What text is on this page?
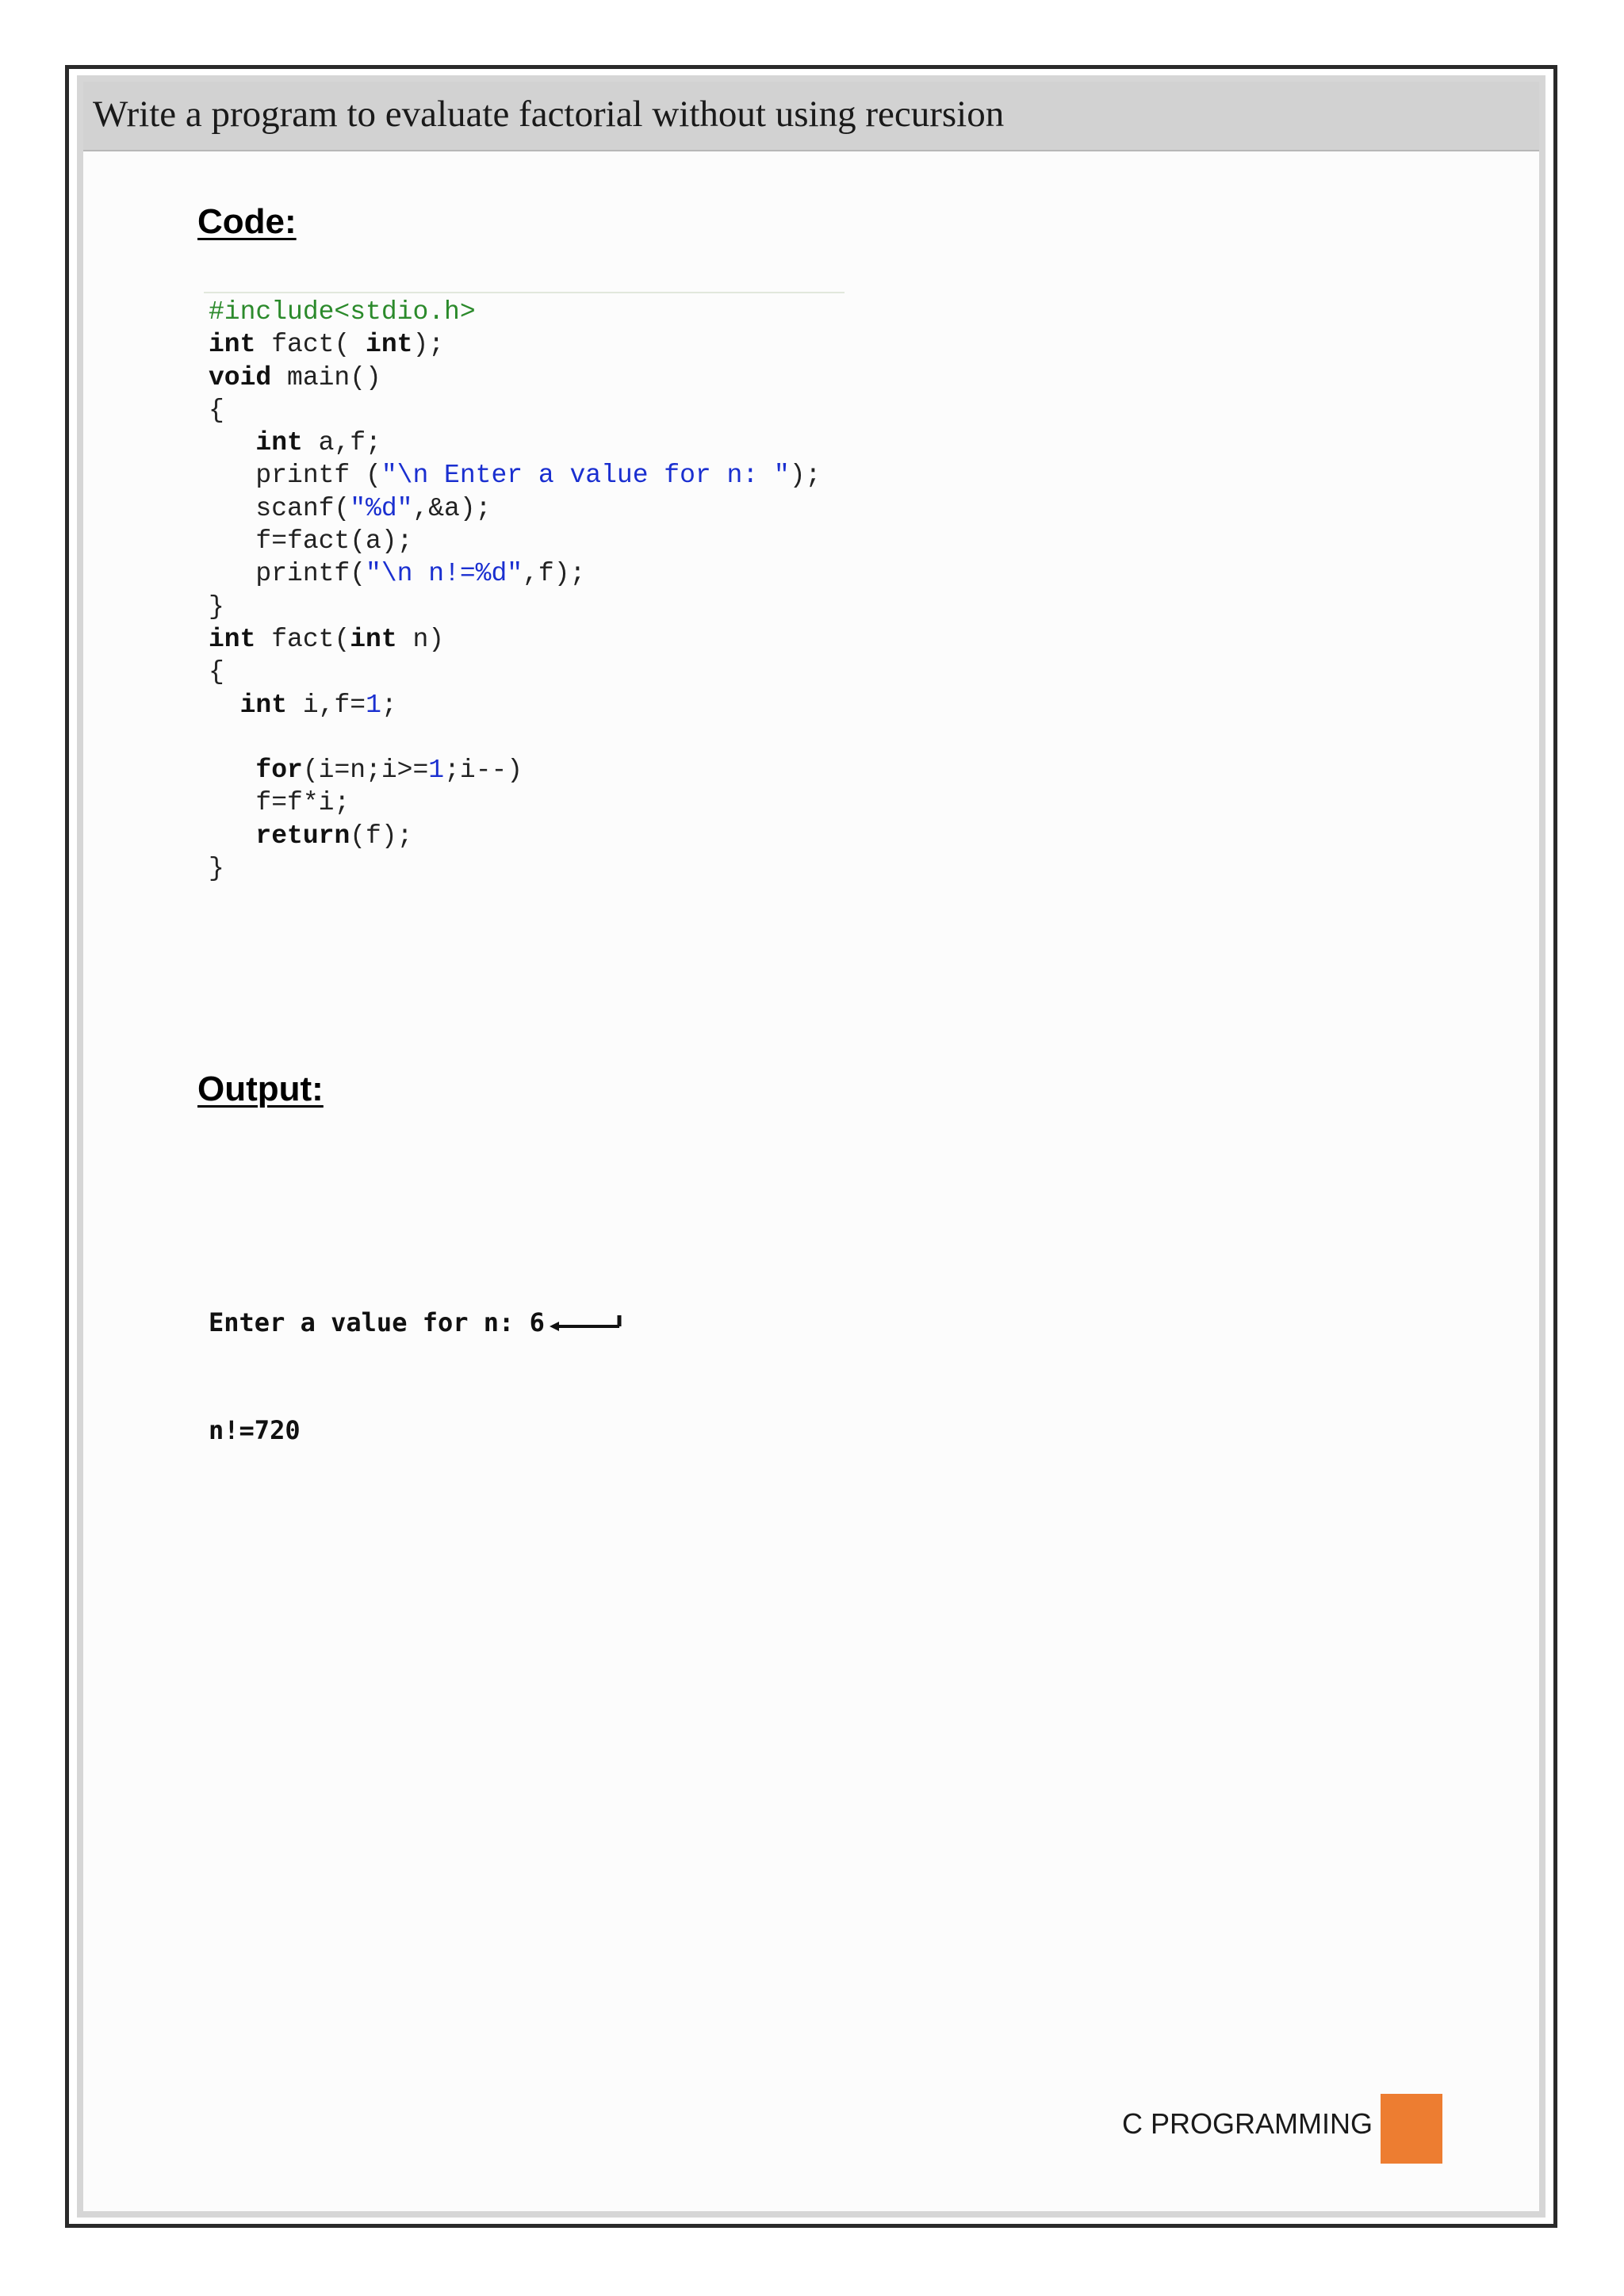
Write a program to evaluate factorial without using recursion
Code:
#include<stdio.h>
int fact( int);
void main()
{
int a,f;
printf ("\n Enter a value for n: ");
scanf("%d",&a);
f=fact(a);
printf("\n n!=%d",f);
}
int fact(int n)
{
int i,f=1;
for(i=n;i>=1;i--)
f=f*i;
return(f);
}
Output:

Enter a value for n: 6

n!=720

C PROGRAMMING
